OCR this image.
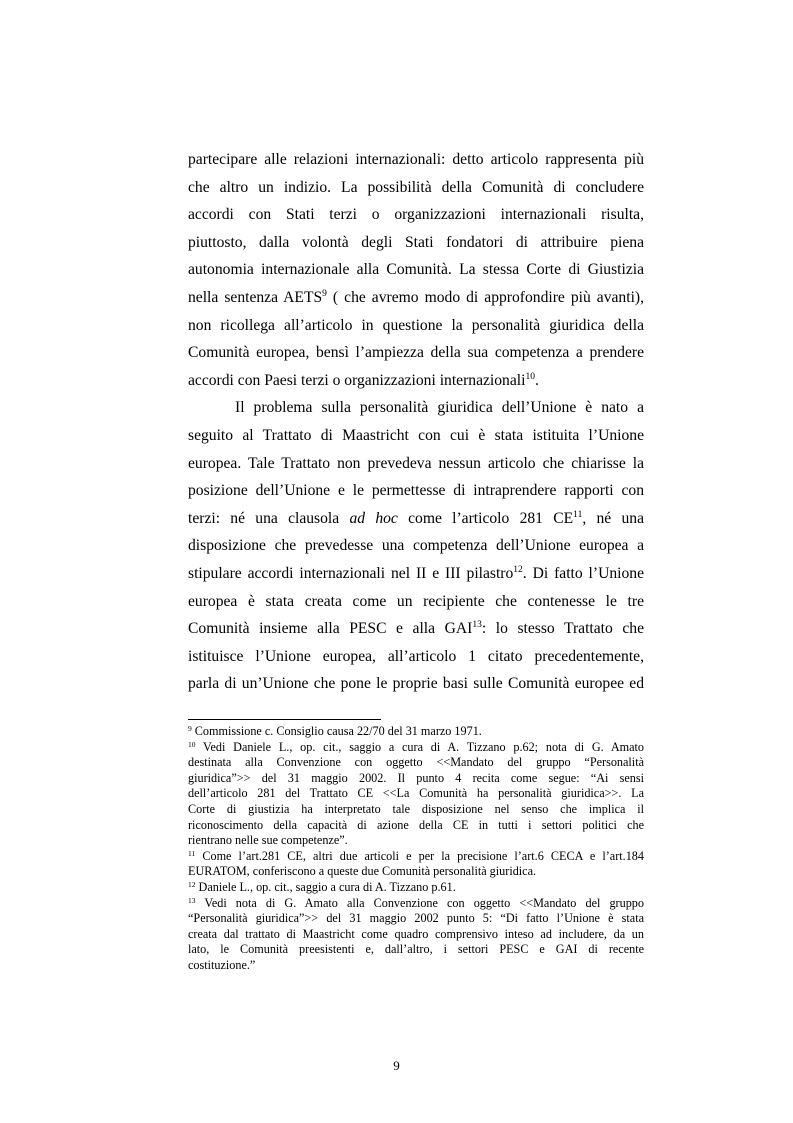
partecipare alle relazioni internazionali: detto articolo rappresenta più
che altro un indizio. La possibilità della Comunità di concludere
accordi con Stati terzi o organizzazioni internazionali risulta,
piuttosto, dalla volontà degli Stati fondatori di attribuire piena
autonomia internazionale alla Comunità. La stessa Corte di Giustizia
nella sentenza AETS$^9$ ( che avremo modo di approfondire più avanti),
non ricollega all’articolo in questione la personalità giuridica della
Comunità europea, bensì l’ampiezza della sua competenza a prendere
accordi con Paesi terzi o organizzazioni internazionali$^{10}$.
Il problema sulla personalità giuridica dell’Unione è nato a
seguito al Trattato di Maastricht con cui è stata istituita l’Unione
europea. Tale Trattato non prevedeva nessun articolo che chiarisse la
posizione dell’Unione e le permettesse di intraprendere rapporti con
terzi: né una clausola ad hoc come l’articolo 281 CE$^{11}$, né una
disposizione che prevedesse una competenza dell’Unione europea a
stipulare accordi internazionali nel II e III pilastro$^{12}$. Di fatto l’Unione
europea è stata creata come un recipiente che contenesse le tre
Comunità insieme alla PESC e alla GAI$^{13}$: lo stesso Trattato che
istituisce l’Unione europea, all’articolo 1 citato precedentemente,
parla di un’Unione che pone le proprie basi sulle Comunità europee ed
$^9$ Commissione c. Consiglio causa 22/70 del 31 marzo 1971.
$^{10}$ Vedi Daniele L., op. cit., saggio a cura di A. Tizzano p.62; nota di G. Amato
destinata alla Convenzione con oggetto <<Mandato del gruppo “Personalità
giuridica”>> del 31 maggio 2002. Il punto 4 recita come segue: “Ai sensi
dell’articolo 281 del Trattato CE <<La Comunità ha personalità giuridica>>. La
Corte di giustizia ha interpretato tale disposizione nel senso che implica il
riconoscimento della capacità di azione della CE in tutti i settori politici che
rientrano nelle sue competenze”.
$^{11}$ Come l’art.281 CE, altri due articoli e per la precisione l’art.6 CECA e l’art.184
EURATOM, conferiscono a queste due Comunità personalità giuridica.
$^{12}$ Daniele L., op. cit., saggio a cura di A. Tizzano p.61.
$^{13}$ Vedi nota di G. Amato alla Convenzione con oggetto <<Mandato del gruppo
“Personalità giuridica”>> del 31 maggio 2002 punto 5: “Di fatto l’Unione è stata
creata dal trattato di Maastricht come quadro comprensivo inteso ad includere, da un
lato, le Comunità preesistenti e, dall’altro, i settori PESC e GAI di recente
costituzione.”
9
